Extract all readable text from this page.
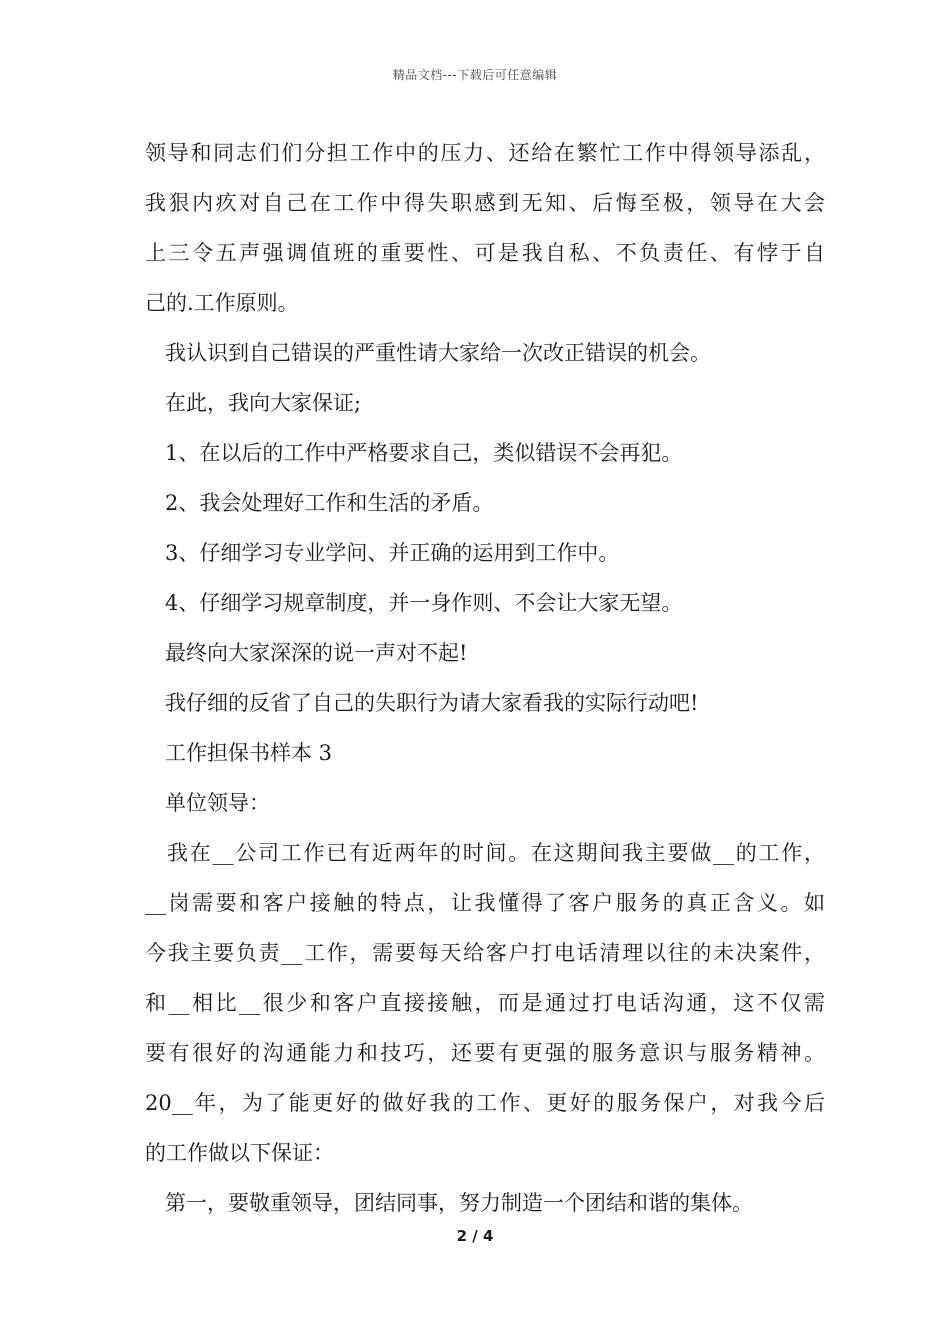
精品文档---下载后可任意编辑
领导和同志们们分担工作中的压力、还给在繁忙工作中得领导添乱，
我狠内疚对自己在工作中得失职感到无知、后悔至极，领导在大会
上三令五声强调值班的重要性、可是我自私、不负责任、有悖于自
己的.工作原则。
我认识到自己错误的严重性请大家给一次改正错误的机会。
在此，我向大家保证;
1、在以后的工作中严格要求自己，类似错误不会再犯。
2、我会处理好工作和生活的矛盾。
3、仔细学习专业学问、并正确的运用到工作中。
4、仔细学习规章制度，并一身作则、不会让大家无望。
最终向大家深深的说一声对不起!
我仔细的反省了自己的失职行为请大家看我的实际行动吧!
工作担保书样本 3
单位领导：
我在__公司工作已有近两年的时间。在这期间我主要做__的工作，
__岗需要和客户接触的特点，让我懂得了客户服务的真正含义。如
今我主要负责__工作，需要每天给客户打电话清理以往的未决案件，
和__相比__很少和客户直接接触，而是通过打电话沟通，这不仅需
要有很好的沟通能力和技巧，还要有更强的服务意识与服务精神。
20__年，为了能更好的做好我的工作、更好的服务保户，对我今后
的工作做以下保证：
第一，要敬重领导，团结同事，努力制造一个团结和谐的集体。
2 / 4
